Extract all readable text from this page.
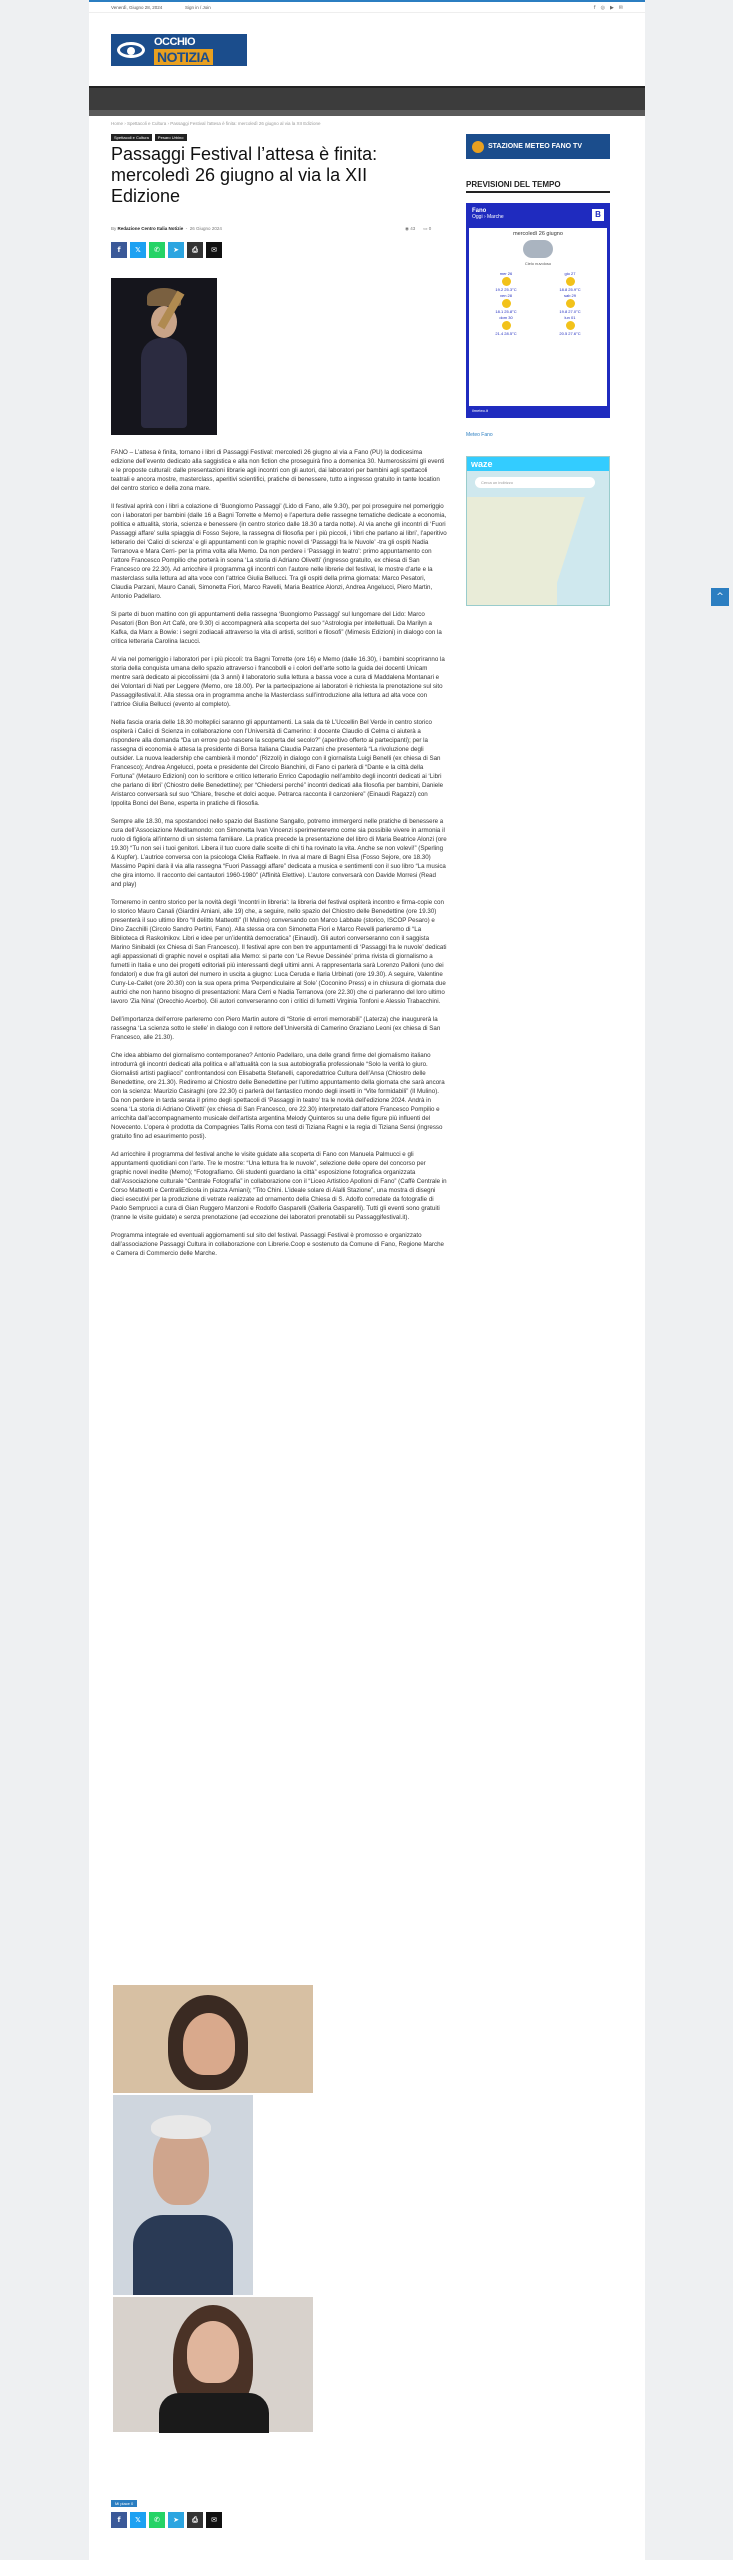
Venerdì, Giugno 28, 2024	Sign in / Join	f ◎ ▶ ✉
OCCHIO
NOTIZIA
Home › Spettacoli e Cultura › Passaggi Festival l'attesa è finita: mercoledì 26 giugno al via la XII Edizione
Spettacoli e Cultura	Pesaro Urbino
Passaggi Festival l’attesa è finita: mercoledì 26 giugno al via la XII Edizione
By Redazione Centro Italia Notizie  -  26 Giugno 2024	◉ 43 ▭ 0
f	𝕏	✆	➤	⎙	✉

FANO – L’attesa è finita, tornano i libri di Passaggi Festival: mercoledì 26 giugno al via a Fano (PU) la dodicesima edizione dell’evento dedicato alla saggistica e alla non fiction che proseguirà fino a domenica 30. Numerosissimi gli eventi e le proposte culturali: dalle presentazioni librarie agli incontri con gli autori, dai laboratori per bambini agli spettacoli teatrali e ancora mostre, masterclass, aperitivi scientifici, pratiche di benessere, tutto a ingresso gratuito in tante location del centro storico e della zona mare.

Il festival aprirà con i libri a colazione di ‘Buongiorno Passaggi’ (Lido di Fano, alle 9.30), per poi proseguire nel pomeriggio con i laboratori per bambini (dalle 16 a Bagni Torrette e Memo) e l’apertura delle rassegne tematiche dedicate a economia, politica e attualità, storia, scienza e benessere (in centro storico dalle 18.30 a tarda notte). Al via anche gli incontri di ‘Fuori Passaggi affare’ sulla spiaggia di Fosso Sejore, la rassegna di filosofia per i più piccoli, i ‘libri che parlano ai libri’, l’aperitivo letterario dei ‘Calici di scienza’ e gli appuntamenti con le graphic novel di ‘Passaggi fra le Nuvole’ -tra gli ospiti Nadia Terranova e Mara Cerri- per la prima volta alla Memo. Da non perdere i ‘Passaggi in teatro’: primo appuntamento con l’attore Francesco Pompilio che porterà in scena ‘La storia di Adriano Olivetti’ (ingresso gratuito, ex chiesa di San Francesco ore 22.30). Ad arricchire il programma gli incontri con l’autore nelle librerie del festival, le mostre d’arte e la masterclass sulla lettura ad alta voce con l’attrice Giulia Bellucci. Tra gli ospiti della prima giornata: Marco Pesatori, Claudia Parzani, Mauro Canali, Simonetta Fiori, Marco Ravelli, Maria Beatrice Alonzi, Andrea Angelucci, Piero Martin, Antonio Padellaro.

Si parte di buon mattino con gli appuntamenti della rassegna ‘Buongiorno Passaggi’ sul lungomare del Lido: Marco Pesatori (Bon Bon Art Cafè, ore 9.30) ci accompagnerà alla scoperta del suo “Astrologia per intellettuali. Da Marilyn a Kafka, da Marx a Bowie: i segni zodiacali attraverso la vita di artisti, scrittori e filosofi” (Mimesis Edizioni) in dialogo con la critica letteraria Carolina Iacucci.

Al via nel pomeriggio i laboratori per i più piccoli: tra Bagni Torrette (ore 16) e Memo (dalle 16.30), i bambini scopriranno la storia della conquista umana dello spazio attraverso i francobolli e i colori dell’arte sotto la guida dei docenti Unicam mentre sarà dedicato ai piccolissimi (da 3 anni) il laboratorio sulla lettura a bassa voce a cura di Maddalena Montanari e dei Volontari di Nati per Leggere (Memo, ore 18.00). Per la partecipazione ai laboratori è richiesta la prenotazione sul sito Passaggifestival.it. Alla stessa ora in programma anche la Masterclass sull’introduzione alla lettura ad alta voce con l’attrice Giulia Bellucci (evento al completo).

Nella fascia oraria delle 18.30 molteplici saranno gli appuntamenti. La sala da tè L’Uccellin Bel Verde in centro storico ospiterà i Calici di Scienza in collaborazione con l’Università di Camerino: il docente Claudio di Celma ci aiuterà a rispondere alla domanda “Da un errore può nascere la scoperta del secolo?” (aperitivo offerto ai partecipanti); per la rassegna di economia è attesa la presidente di Borsa Italiana Claudia Parzani che presenterà “La rivoluzione degli outsider. La nuova leadership che cambierà il mondo” (Rizzoli) in dialogo con il giornalista Luigi Benelli (ex chiesa di San Francesco); Andrea Angelucci, poeta e presidente del Circolo Bianchini, di Fano ci parlerà di “Dante e la città della Fortuna” (Metauro Edizioni) con lo scrittore e critico letterario Enrico Capodaglio nell’ambito degli incontri dedicati ai ‘Libri che parlano di libri’ (Chiostro delle Benedettine); per “Chiedersi perché” incontri dedicati alla filosofia per bambini, Daniele Aristarco conversarà sul suo “Chiare, fresche et dolci acque. Petrarca racconta il canzoniere” (Einaudi Ragazzi) con Ippolita Bonci del Bene, esperta in pratiche di filosofia.

Sempre alle 18.30, ma spostandoci nello spazio del Bastione Sangallo, potremo immergerci nelle pratiche di benessere a cura dell’Associazione Meditamondo: con Simonetta Ivan Vincenzi sperimenteremo come sia possibile vivere in armonia il ruolo di figlio/a all’interno di un sistema familiare. La pratica precede la presentazione del libro di Maria Beatrice Alonzi (ore 19.30) “Tu non sei i tuoi genitori. Libera il tuo cuore dalle scelte di chi ti ha rovinato la vita. Anche se non volevi!” (Sperling & Kupfer). L’autrice conversa con la psicologa Clelia Raffaele. In riva al mare di Bagni Elsa (Fosso Sejore, ore 18.30) Massimo Papini darà il via alla rassegna “Fuori Passaggi affare” dedicata a musica e sentimenti con il suo libro “La musica che gira intorno. Il racconto dei cantautori 1960-1980” (Affinità Elettive). L’autore conversarà con Davide Morresi (Read and play)

Torneremo in centro storico per la novità degli ‘Incontri in libreria’: la libreria del festival ospiterà incontro e firma-copie con lo storico Mauro Canali (Giardini Amiani, alle 19) che, a seguire, nello spazio del Chiostro delle Benedettine (ore 19.30) presenterà il suo ultimo libro “Il delitto Matteotti” (Il Mulino) conversando con Marco Labbate (storico, ISCOP Pesaro) e Dino Zacchilli (Circolo Sandro Pertini, Fano). Alla stessa ora con Simonetta Fiori e Marco Revelli parleremo di “La Biblioteca di Raskolnikov. Libri e idee per un’identità democratica” (Einaudi). Gli autori converseranno con il saggista Marino Sinibaldi (ex Chiesa di San Francesco). Il festival apre con ben tre appuntamenti di ‘Passaggi fra le nuvole’ dedicati agli appassionati di graphic novel e ospitati alla Memo: si parte con ‘Le Revue Dessinée’ prima rivista di giornalismo a fumetti in Italia e uno dei progetti editoriali più interessanti degli ultimi anni. A rappresentarla sarà Lorenzo Palloni (uno dei fondatori) e due fra gli autori del numero in uscita a giugno: Luca Ceruda e Ilaria Urbinati (ore 19.30). A seguire, Valentine Cuny-Le-Callet (ore 20.30) con la sua opera prima ‘Perpendiculaire al Sole’ (Coconino Press) e in chiusura di giornata due autrici che non hanno bisogno di presentazioni: Mara Cerri e Nadia Terranova (ore 22.30) che ci parleranno del loro ultimo lavoro ‘Zia Nina’ (Orecchio Acerbo). Gli autori converseranno con i critici di fumetti Virginia Tonfoni e Alessio Trabacchini.

Dell’importanza dell’errore parleremo con Piero Martin autore di “Storie di errori memorabili” (Laterza) che inaugurerà la rassegna ‘La scienza sotto le stelle’ in dialogo con il rettore dell’Università di Camerino Graziano Leoni (ex chiesa di San Francesco, alle 21.30).

Che idea abbiamo del giornalismo contemporaneo? Antonio Padellaro, una delle grandi firme del giornalismo italiano introdurrà gli incontri dedicati alla politica e all’attualità con la sua autobiografia professionale “Solo la verità lo giuro. Giornalisti artisti pagliacci” confrontandosi con Elisabetta Stefanelli, caporedattrice Cultura dell’Ansa (Chiostro delle Benedettine, ore 21.30). Rediremo al Chiostro delle Benedettine per l’ultimo appuntamento della giornata che sarà ancora con la scienza: Maurizio Casiraghi (ore 22.30) ci parlerà del fantastico mondo degli insetti in “Vite formidabili” (Il Mulino). Da non perdere in tarda serata il primo degli spettacoli di ‘Passaggi in teatro’ tra le novità dell’edizione 2024. Andrà in scena ‘La storia di Adriano Olivetti’ (ex chiesa di San Francesco, ore 22.30) interpretato dall’attore Francesco Pompilio e arricchita dall’accompagnamento musicale dell’artista argentina Melody Quinteros su una delle figure più influenti del Novecento. L’opera è prodotta da Compagnies Tallis Roma con testi di Tiziana Ragni e la regia di Tiziana Sensi (ingresso gratuito fino ad esaurimento posti).

Ad arricchire il programma del festival anche le visite guidate alla scoperta di Fano con Manuela Palmucci e gli appuntamenti quotidiani con l’arte. Tre le mostre: “Una lettura fra le nuvole”, selezione delle opere del concorso per graphic novel inedite (Memo); “Fotografiamo. Gli studenti guardano la città” esposizione fotografica organizzata dall’Associazione culturale “Centrale Fotografia” in collaborazione con il “Liceo Artistico Apolloni di Fano” (Caffè Centrale in Corso Matteotti e CentraliEdicola in piazza Amiani); “Tito Chini. L’ideale solare di Alalli Stazione”, una mostra di disegni dieci esecutivi per la produzione di vetrate realizzate ad ornamento della Chiesa di S. Adolfo corredate da fotografie di Paolo Semprucci a cura di Gian Ruggero Manzoni e Rodolfo Gasparelli (Galleria Gasparelli). Tutti gli eventi sono gratuiti (tranne le visite guidate) e senza prenotazione (ad eccezione dei laboratori prenotabili su Passaggifestival.it).

Programma integrale ed eventuali aggiornamenti sul sito del festival. Passaggi Festival è promosso e organizzato dall’associazione Passaggi Cultura in collaborazione con Librerie.Coop e sostenuto da Comune di Fano, Regione Marche e Camera di Commercio delle Marche.

Mi piace 0
f	𝕏	✆	➤	⎙	✉
STAZIONE METEO FANO TV
PREVISIONI DEL TEMPO
Fano
Oggi › Marche	B
mercoledì 26 giugno
Cielo nuvoloso
mer 26
19.2 25.3°C
gio 27
18.8 25.9°C
ven 28
18.1 25.8°C
sab 29
19.8 27.0°C
dom 30
21.4 28.5°C
lun 01
20.5 27.6°C
ilmeteo.it
Meteo Fano
waze
Cerca un indirizzo
^
